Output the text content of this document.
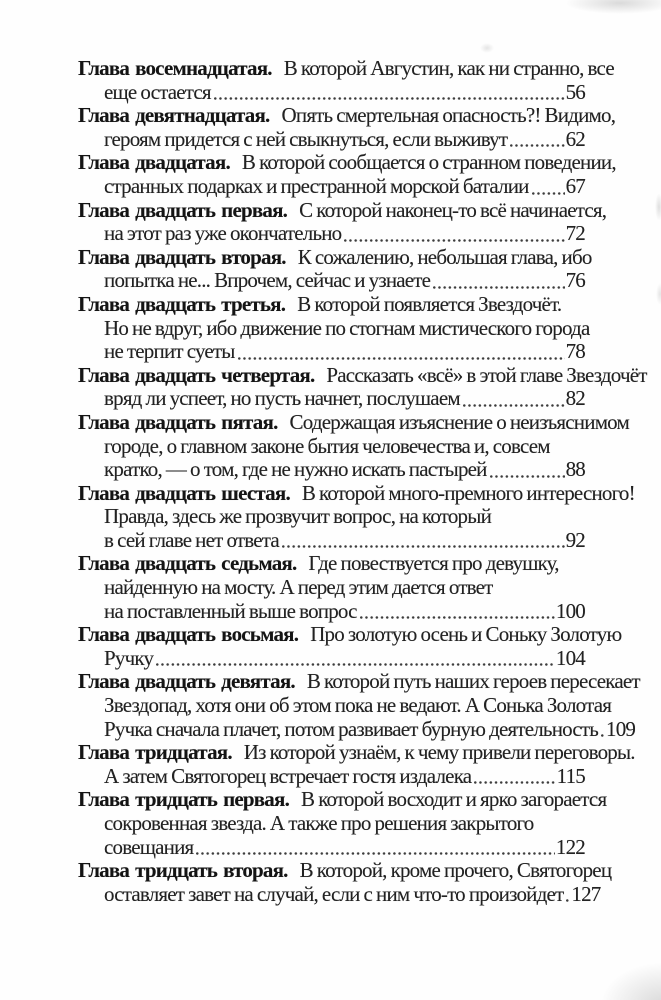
Глава восемнадцатая. В которой Августин, как ни странно, все
еще остается	56
Глава девятнадцатая. Опять смертельная опасность?! Видимо,
героям придется с ней свыкнуться, если выживут	62
Глава двадцатая. В которой сообщается о странном поведении,
странных подарках и престранной морской баталии 67
Глава двадцать первая. С которой наконец-то всё начинается,
на этот раз уже окончательно	72
Глава двадцать вторая. К сожалению, небольшая глава, ибо
попытка не... Впрочем, сейчас и узнаете	76
Глава двадцать третья. В которой появляется Звездочёт.
Но не вдруг, ибо движение по стогнам мистического города
не терпит суеты	78
Глава двадцать четвертая. Рассказать «всё» в этой главе Звездочёт
вряд ли успеет, но пусть начнет, послушаем	82
Глава двадцать пятая. Содержащая изъяснение о неизъяснимом
городе, о главном законе бытия человечества и, совсем
кратко, — о том, где не нужно искать пастырей	88
Глава двадцать шестая. В которой много-премного интересного!
Правда, здесь же прозвучит вопрос, на который
в сей главе нет ответа	92
Глава двадцать седьмая. Где повествуется про девушку,
найденную на мосту. А перед этим дается ответ
на поставленный выше вопрос	100
Глава двадцать восьмая. Про золотую осень и Соньку Золотую
Ручку	104
Глава двадцать девятая. В которой путь наших героев пересекает
Звездопад, хотя они об этом пока не ведают. А Сонька Золотая
Ручка сначала плачет, потом развивает бурную деятельность 109
Глава тридцатая. Из которой узнаём, к чему привели переговоры.
А затем Святогорец встречает гостя издалека	115
Глава тридцать первая. В которой восходит и ярко загорается
сокровенная звезда. А также про решения закрытого
совещания	122
Глава тридцать вторая. В которой, кроме прочего, Святогорец
оставляет завет на случай, если с ним что-то произойдет 127
